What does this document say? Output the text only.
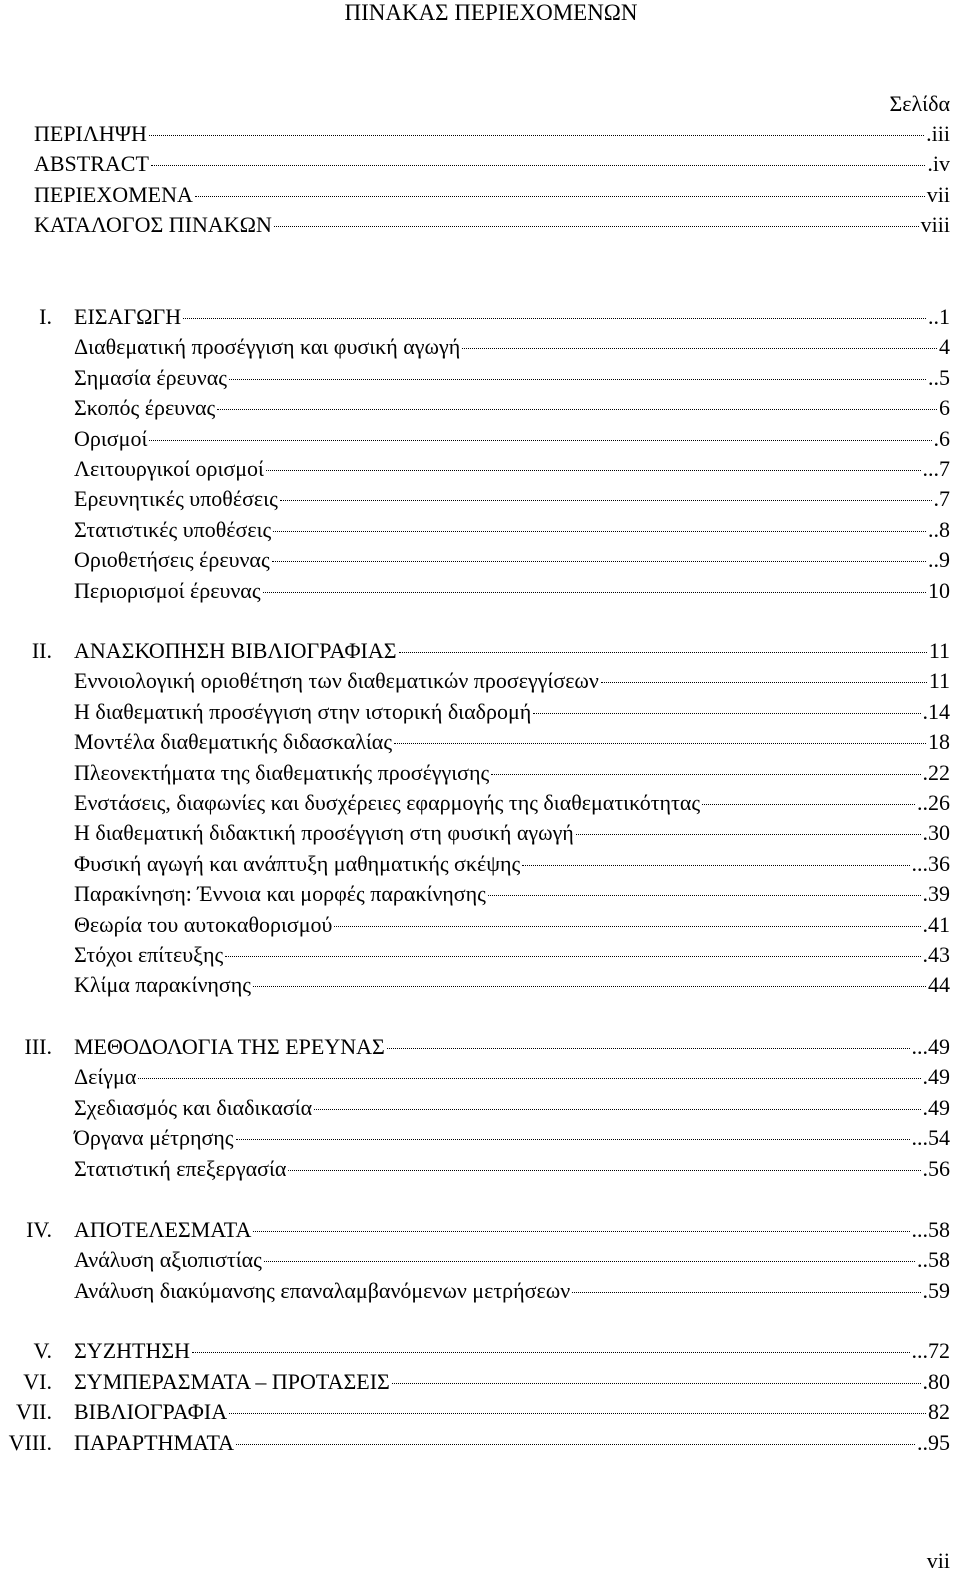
ΠΙΝΑΚΑΣ ΠΕΡΙΕΧΟΜΕΝΩΝ
Σελίδα
ΠΕΡΙΛΗΨΗ	.iii
ABSTRACT	.iv
ΠΕΡΙΕΧΟΜΕΝΑ	vii
ΚΑΤΑΛΟΓΟΣ ΠΙΝΑΚΩΝ	viii
I. ΕΙΣΑΓΩΓΗ	..1
Διαθεματική προσέγγιση και φυσική αγωγή	4
Σημασία έρευνας	..5
Σκοπός έρευνας	6
Ορισμοί	.6
Λειτουργικοί ορισμοί	...7
Ερευνητικές υποθέσεις	.7
Στατιστικές υποθέσεις	..8
Οριοθετήσεις έρευνας	..9
Περιορισμοί έρευνας	10
II. ΑΝΑΣΚΟΠΗΣΗ ΒΙΒΛΙΟΓΡΑΦΙΑΣ	11
Εννοιολογική οριοθέτηση των διαθεματικών προσεγγίσεων	11
Η διαθεματική προσέγγιση στην ιστορική διαδρομή	.14
Μοντέλα διαθεματικής διδασκαλίας	18
Πλεονεκτήματα της διαθεματικής προσέγγισης	.22
Ενστάσεις, διαφωνίες και δυσχέρειες εφαρμογής της διαθεματικότητας	..26
Η διαθεματική διδακτική προσέγγιση στη φυσική αγωγή	.30
Φυσική αγωγή και ανάπτυξη μαθηματικής σκέψης	...36
Παρακίνηση: Έννοια και μορφές παρακίνησης	.39
Θεωρία του αυτοκαθορισμού	.41
Στόχοι επίτευξης	.43
Κλίμα παρακίνησης	44
III. ΜΕΘΟΔΟΛΟΓΙΑ ΤΗΣ ΕΡΕΥΝΑΣ	...49
Δείγμα	.49
Σχεδιασμός και διαδικασία	.49
Όργανα μέτρησης	...54
Στατιστική επεξεργασία	.56
IV. ΑΠΟΤΕΛΕΣΜΑΤΑ	...58
Ανάλυση αξιοπιστίας	..58
Ανάλυση διακύμανσης επαναλαμβανόμενων μετρήσεων	.59
V. ΣΥΖΗΤΗΣΗ	...72
VI. ΣΥΜΠΕΡΑΣΜΑΤΑ – ΠΡΟΤΑΣΕΙΣ	.80
VII. ΒΙΒΛΙΟΓΡΑΦΙΑ	82
VIII. ΠΑΡΑΡΤΗΜΑΤΑ	..95
vii
